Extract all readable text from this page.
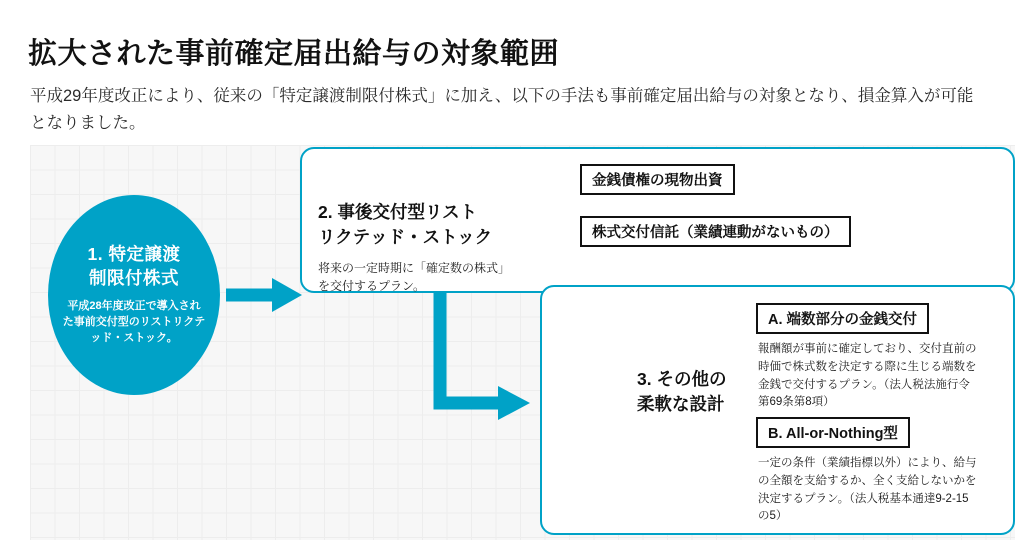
拡大された事前確定届出給与の対象範囲

平成29年度改正により、従来の「特定譲渡制限付株式」に加え、以下の手法も事前確定届出給与の対象となり、損金算入が可能となりました。

1. 特定譲渡
制限付株式
平成28年度改正で導入された事前交付型のリストリクテッド・ストック。
2. 事後交付型リスト
リクテッド・ストック
将来の一定時期に「確定数の株式」を交付するプラン。
3. その他の
柔軟な設計
金銭債権の現物出資
株式交付信託（業績連動がないもの）
A. 端数部分の金銭交付
報酬額が事前に確定しており、交付直前の時価で株式数を決定する際に生じる端数を金銭で交付するプラン。（法人税法施行令第69条第8項）
B. All-or-Nothing型
一定の条件（業績指標以外）により、給与の全額を支給するか、全く支給しないかを決定するプラン。（法人税基本通達9-2-15の5）
